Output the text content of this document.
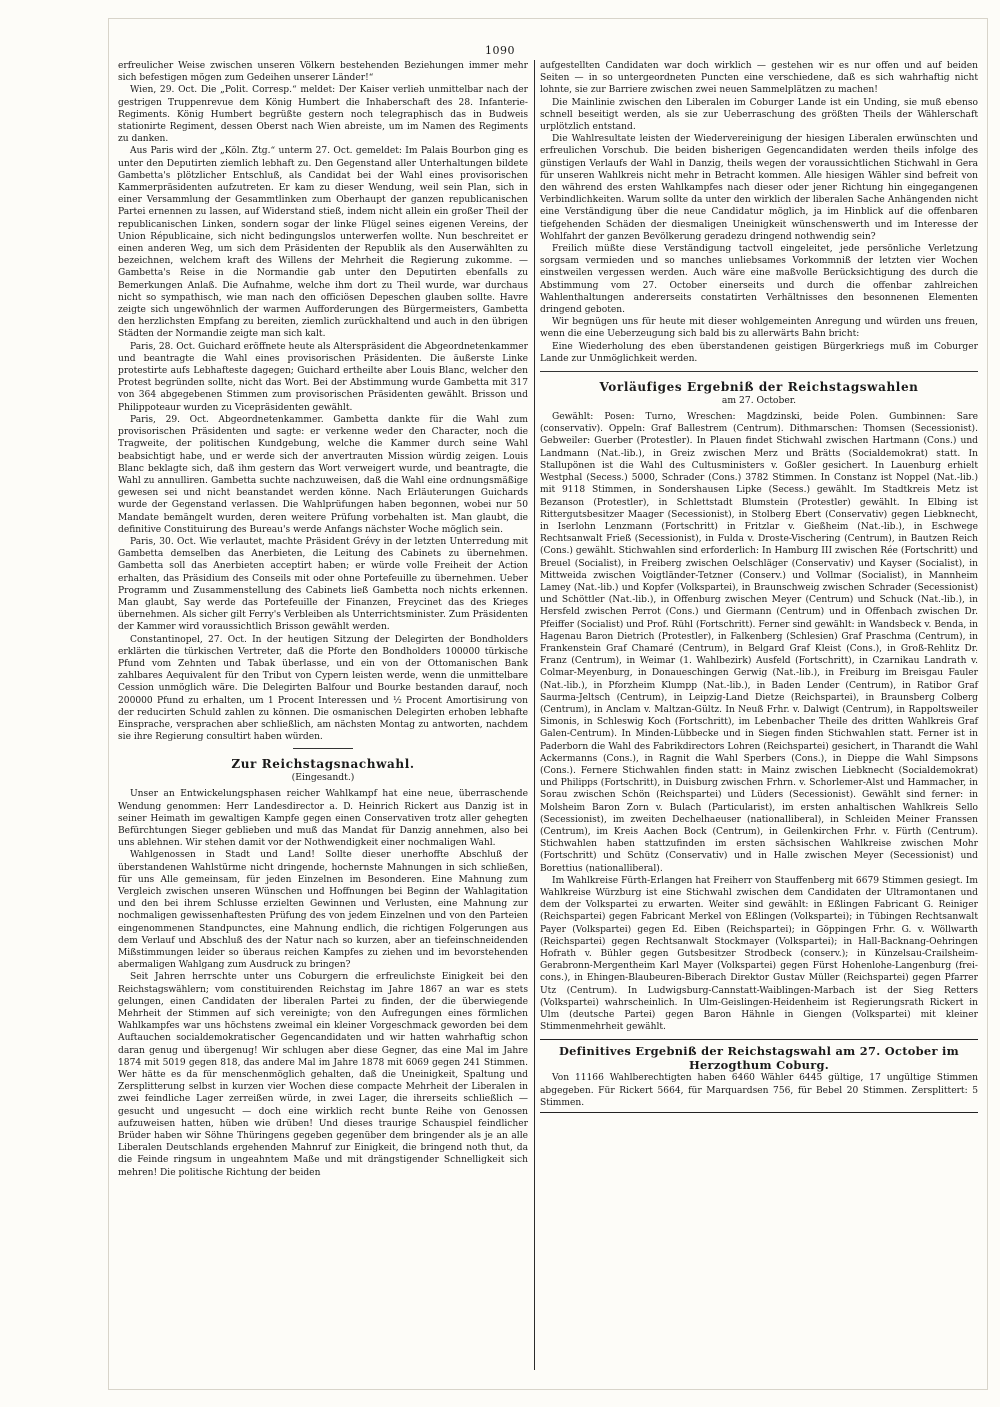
1090

erfreulicher Weise zwischen unseren Völkern bestehenden Beziehungen immer mehr sich befestigen mögen zum Gedeihen unserer Länder!“

Wien, 29. Oct. Die „Polit. Corresp.“ meldet: Der Kaiser verlieh unmittelbar nach der gestrigen Truppenrevue dem König Humbert die Inhaberschaft des 28. Infanterie-Regiments. König Humbert begrüßte gestern noch telegraphisch das in Budweis stationirte Regiment, dessen Oberst nach Wien abreiste, um im Namen des Regiments zu danken.

Aus Paris wird der „Köln. Ztg.“ unterm 27. Oct. gemeldet: Im Palais Bourbon ging es unter den Deputirten ziemlich lebhaft zu. Den Gegenstand aller Unterhaltungen bildete Gambetta's plötzlicher Entschluß, als Candidat bei der Wahl eines provisorischen Kammerpräsidenten aufzutreten. Er kam zu dieser Wendung, weil sein Plan, sich in einer Versammlung der Gesammtlinken zum Oberhaupt der ganzen republicanischen Partei ernennen zu lassen, auf Widerstand stieß, indem nicht allein ein großer Theil der republicanischen Linken, sondern sogar der linke Flügel seines eigenen Vereins, der Union Républicaine, sich nicht bedingungslos unterwerfen wollte. Nun beschreitet er einen anderen Weg, um sich dem Präsidenten der Republik als den Auserwählten zu bezeichnen, welchem kraft des Willens der Mehrheit die Regierung zukomme. — Gambetta's Reise in die Normandie gab unter den Deputirten ebenfalls zu Bemerkungen Anlaß. Die Aufnahme, welche ihm dort zu Theil wurde, war durchaus nicht so sympathisch, wie man nach den officiösen Depeschen glauben sollte. Havre zeigte sich ungewöhnlich der warmen Aufforderungen des Bürgermeisters, Gambetta den herzlichsten Empfang zu bereiten, ziemlich zurückhaltend und auch in den übrigen Städten der Normandie zeigte man sich kalt.

Paris, 28. Oct. Guichard eröffnete heute als Alterspräsident die Abgeordnetenkammer und beantragte die Wahl eines provisorischen Präsidenten. Die äußerste Linke protestirte aufs Lebhafteste dagegen; Guichard ertheilte aber Louis Blanc, welcher den Protest begründen sollte, nicht das Wort. Bei der Abstimmung wurde Gambetta mit 317 von 364 abgegebenen Stimmen zum provisorischen Präsidenten gewählt. Brisson und Philippoteaur wurden zu Vicepräsidenten gewählt.

Paris, 29. Oct. Abgeordnetenkammer. Gambetta dankte für die Wahl zum provisorischen Präsidenten und sagte: er verkenne weder den Character, noch die Tragweite, der politischen Kundgebung, welche die Kammer durch seine Wahl beabsichtigt habe, und er werde sich der anvertrauten Mission würdig zeigen. Louis Blanc beklagte sich, daß ihm gestern das Wort verweigert wurde, und beantragte, die Wahl zu annulliren. Gambetta suchte nachzuweisen, daß die Wahl eine ordnungsmäßige gewesen sei und nicht beanstandet werden könne. Nach Erläuterungen Guichards wurde der Gegenstand verlassen. Die Wahlprüfungen haben begonnen, wobei nur 50 Mandate bemängelt wurden, deren weitere Prüfung vorbehalten ist. Man glaubt, die definitive Constituirung des Bureau's werde Anfangs nächster Woche möglich sein.

Paris, 30. Oct. Wie verlautet, machte Präsident Grévy in der letzten Unterredung mit Gambetta demselben das Anerbieten, die Leitung des Cabinets zu übernehmen. Gambetta soll das Anerbieten acceptirt haben; er würde volle Freiheit der Action erhalten, das Präsidium des Conseils mit oder ohne Portefeuille zu übernehmen. Ueber Programm und Zusammenstellung des Cabinets ließ Gambetta noch nichts erkennen. Man glaubt, Say werde das Portefeuille der Finanzen, Freycinet das des Krieges übernehmen. Als sicher gilt Ferry's Verbleiben als Unterrichtsminister. Zum Präsidenten der Kammer wird voraussichtlich Brisson gewählt werden.

Constantinopel, 27. Oct. In der heutigen Sitzung der Delegirten der Bondholders erklärten die türkischen Vertreter, daß die Pforte den Bondholders 100000 türkische Pfund vom Zehnten und Tabak überlasse, und ein von der Ottomanischen Bank zahlbares Aequivalent für den Tribut von Cypern leisten werde, wenn die unmittelbare Cession unmöglich wäre. Die Delegirten Balfour und Bourke bestanden darauf, noch 200000 Pfund zu erhalten, um 1 Procent Interessen und ½ Procent Amortisirung von der reducirten Schuld zahlen zu können. Die osmanischen Delegirten erhoben lebhafte Einsprache, versprachen aber schließlich, am nächsten Montag zu antworten, nachdem sie ihre Regierung consultirt haben würden.

Zur Reichstagsnachwahl.
(Eingesandt.)

Unser an Entwickelungsphasen reicher Wahlkampf hat eine neue, überraschende Wendung genommen: Herr Landesdirector a. D. Heinrich Rickert aus Danzig ist in seiner Heimath im gewaltigen Kampfe gegen einen Conservativen trotz aller gehegten Befürchtungen Sieger geblieben und muß das Mandat für Danzig annehmen, also bei uns ablehnen. Wir stehen damit vor der Nothwendigkeit einer nochmaligen Wahl.

Wahlgenossen in Stadt und Land! Sollte dieser unerhoffte Abschluß der überstandenen Wahlstürme nicht dringende, hochernste Mahnungen in sich schließen, für uns Alle gemeinsam, für jeden Einzelnen im Besonderen. Eine Mahnung zum Vergleich zwischen unseren Wünschen und Hoffnungen bei Beginn der Wahlagitation und den bei ihrem Schlusse erzielten Gewinnen und Verlusten, eine Mahnung zur nochmaligen gewissenhaftesten Prüfung des von jedem Einzelnen und von den Parteien eingenommenen Standpunctes, eine Mahnung endlich, die richtigen Folgerungen aus dem Verlauf und Abschluß des der Natur nach so kurzen, aber an tiefeinschneidenden Mißstimmungen leider so überaus reichen Kampfes zu ziehen und im bevorstehenden abermaligen Wahlgang zum Ausdruck zu bringen?

Seit Jahren herrschte unter uns Coburgern die erfreulichste Einigkeit bei den Reichstagswählern; vom constituirenden Reichstag im Jahre 1867 an war es stets gelungen, einen Candidaten der liberalen Partei zu finden, der die überwiegende Mehrheit der Stimmen auf sich vereinigte; von den Aufregungen eines förmlichen Wahlkampfes war uns höchstens zweimal ein kleiner Vorgeschmack geworden bei dem Auftauchen socialdemokratischer Gegencandidaten und wir hatten wahrhaftig schon daran genug und übergenug! Wir schlugen aber diese Gegner, das eine Mal im Jahre 1874 mit 5019 gegen 818, das andere Mal im Jahre 1878 mit 6069 gegen 241 Stimmen. Wer hätte es da für menschenmöglich gehalten, daß die Uneinigkeit, Spaltung und Zersplitterung selbst in kurzen vier Wochen diese compacte Mehrheit der Liberalen in zwei feindliche Lager zerreißen würde, in zwei Lager, die ihrerseits schließlich — gesucht und ungesucht — doch eine wirklich recht bunte Reihe von Genossen aufzuweisen hatten, hüben wie drüben! Und dieses traurige Schauspiel feindlicher Brüder haben wir Söhne Thüringens gegeben gegenüber dem bringender als je an alle Liberalen Deutschlands ergehenden Mahnruf zur Einigkeit, die bringend noth thut, da die Feinde ringsum in ungeahntem Maße und mit drängstigender Schnelligkeit sich mehren! Die politische Richtung der beiden

aufgestellten Candidaten war doch wirklich — gestehen wir es nur offen und auf beiden Seiten — in so untergeordneten Puncten eine verschiedene, daß es sich wahrhaftig nicht lohnte, sie zur Barriere zwischen zwei neuen Sammelplätzen zu machen!

Die Mainlinie zwischen den Liberalen im Coburger Lande ist ein Unding, sie muß ebenso schnell beseitigt werden, als sie zur Ueberraschung des größten Theils der Wählerschaft urplötzlich entstand.

Die Wahlresultate leisten der Wiedervereinigung der hiesigen Liberalen erwünschten und erfreulichen Vorschub. Die beiden bisherigen Gegencandidaten werden theils infolge des günstigen Verlaufs der Wahl in Danzig, theils wegen der voraussichtlichen Stichwahl in Gera für unseren Wahlkreis nicht mehr in Betracht kommen. Alle hiesigen Wähler sind befreit von den während des ersten Wahlkampfes nach dieser oder jener Richtung hin eingegangenen Verbindlichkeiten. Warum sollte da unter den wirklich der liberalen Sache Anhängenden nicht eine Verständigung über die neue Candidatur möglich, ja im Hinblick auf die offenbaren tiefgehenden Schäden der diesmaligen Uneinigkeit wünschenswerth und im Interesse der Wohlfahrt der ganzen Bevölkerung geradezu dringend nothwendig sein?

Freilich müßte diese Verständigung tactvoll eingeleitet, jede persönliche Verletzung sorgsam vermieden und so manches unliebsames Vorkommniß der letzten vier Wochen einstweilen vergessen werden. Auch wäre eine maßvolle Berücksichtigung des durch die Abstimmung vom 27. October einerseits und durch die offenbar zahlreichen Wahlenthaltungen andererseits constatirten Verhältnisses den besonnenen Elementen dringend geboten.

Wir begnügen uns für heute mit dieser wohlgemeinten Anregung und würden uns freuen, wenn die eine Ueberzeugung sich bald bis zu allerwärts Bahn bricht:

Eine Wiederholung des eben überstandenen geistigen Bürgerkriegs muß im Coburger Lande zur Unmöglichkeit werden.

Vorläufiges Ergebniß der Reichstagswahlen
am 27. October.

Gewählt: Posen: Turno, Wreschen: Magdzinski, beide Polen. Gumbinnen: Sare (conservativ). Oppeln: Graf Ballestrem (Centrum). Dithmarschen: Thomsen (Secessionist). Gebweiler: Guerber (Protestler). In Plauen findet Stichwahl zwischen Hartmann (Cons.) und Landmann (Nat.-lib.), in Greiz zwischen Merz und Brätts (Socialdemokrat) statt. In Stallupönen ist die Wahl des Cultusministers v. Goßler gesichert. In Lauenburg erhielt Westphal (Secess.) 5000, Schrader (Cons.) 3782 Stimmen. In Constanz ist Noppel (Nat.-lib.) mit 9118 Stimmen, in Sondershausen Lipke (Secess.) gewählt. Im Stadtkreis Metz ist Bezanson (Protestler), in Schlettstadt Blumstein (Protestler) gewählt. In Elbing ist Rittergutsbesitzer Maager (Secessionist), in Stolberg Ebert (Conservativ) gegen Liebknecht, in Iserlohn Lenzmann (Fortschritt) in Fritzlar v. Gießheim (Nat.-lib.), in Eschwege Rechtsanwalt Frieß (Secessionist), in Fulda v. Droste-Vischering (Centrum), in Bautzen Reich (Cons.) gewählt. Stichwahlen sind erforderlich: In Hamburg III zwischen Rée (Fortschritt) und Breuel (Socialist), in Freiberg zwischen Oelschläger (Conservativ) und Kayser (Socialist), in Mittweida zwischen Voigtländer-Tetzner (Conserv.) und Vollmar (Socialist), in Mannheim Lamey (Nat.-lib.) und Kopfer (Volkspartei), in Braunschweig zwischen Schrader (Secessionist) und Schöttler (Nat.-lib.), in Offenburg zwischen Meyer (Centrum) und Schuck (Nat.-lib.), in Hersfeld zwischen Perrot (Cons.) und Giermann (Centrum) und in Offenbach zwischen Dr. Pfeiffer (Socialist) und Prof. Rühl (Fortschritt). Ferner sind gewählt: in Wandsbeck v. Benda, in Hagenau Baron Dietrich (Protestler), in Falkenberg (Schlesien) Graf Praschma (Centrum), in Frankenstein Graf Chamaré (Centrum), in Belgard Graf Kleist (Cons.), in Groß-Rehlitz Dr. Franz (Centrum), in Weimar (1. Wahlbezirk) Ausfeld (Fortschritt), in Czarnikau Landrath v. Colmar-Meyenburg, in Donaueschingen Gerwig (Nat.-lib.), in Freiburg im Breisgau Fauler (Nat.-lib.), in Pforzheim Klumpp (Nat.-lib.), in Baden Lender (Centrum), in Ratibor Graf Saurma-Jeltsch (Centrum), in Leipzig-Land Dietze (Reichspartei), in Braunsberg Colberg (Centrum), in Anclam v. Maltzan-Gültz. In Neuß Frhr. v. Dalwigt (Centrum), in Rappoltsweiler Simonis, in Schleswig Koch (Fortschritt), im Lebenbacher Theile des dritten Wahlkreis Graf Galen-Centrum). In Minden-Lübbecke und in Siegen finden Stichwahlen statt. Ferner ist in Paderborn die Wahl des Fabrikdirectors Lohren (Reichspartei) gesichert, in Tharandt die Wahl Ackermanns (Cons.), in Ragnit die Wahl Sperbers (Cons.), in Dieppe die Wahl Simpsons (Cons.). Fernere Stichwahlen finden statt: in Mainz zwischen Liebknecht (Socialdemokrat) und Philipps (Fortschritt), in Duisburg zwischen Frhrn. v. Schorlemer-Alst und Hammacher, in Sorau zwischen Schön (Reichspartei) und Lüders (Secessionist). Gewählt sind ferner: in Molsheim Baron Zorn v. Bulach (Particularist), im ersten anhaltischen Wahlkreis Sello (Secessionist), im zweiten Dechelhaeuser (nationalliberal), in Schleiden Meiner Franssen (Centrum), im Kreis Aachen Bock (Centrum), in Geilenkirchen Frhr. v. Fürth (Centrum). Stichwahlen haben stattzufinden im ersten sächsischen Wahlkreise zwischen Mohr (Fortschritt) und Schütz (Conservativ) und in Halle zwischen Meyer (Secessionist) und Borettius (nationalliberal).

Im Wahlkreise Fürth-Erlangen hat Freiherr von Stauffenberg mit 6679 Stimmen gesiegt. Im Wahlkreise Würzburg ist eine Stichwahl zwischen dem Candidaten der Ultramontanen und dem der Volkspartei zu erwarten. Weiter sind gewählt: in Eßlingen Fabricant G. Reiniger (Reichspartei) gegen Fabricant Merkel von Eßlingen (Volkspartei); in Tübingen Rechtsanwalt Payer (Volkspartei) gegen Ed. Eiben (Reichspartei); in Göppingen Frhr. G. v. Wöllwarth (Reichspartei) gegen Rechtsanwalt Stockmayer (Volkspartei); in Hall-Backnang-Oehringen Hofrath v. Bühler gegen Gutsbesitzer Strodbeck (conserv.); in Künzelsau-Crailsheim-Gerabronn-Mergentheim Karl Mayer (Volkspartei) gegen Fürst Hohenlohe-Langenburg (frei-cons.), in Ehingen-Blaubeuren-Biberach Direktor Gustav Müller (Reichspartei) gegen Pfarrer Utz (Centrum). In Ludwigsburg-Cannstatt-Waiblingen-Marbach ist der Sieg Retters (Volkspartei) wahrscheinlich. In Ulm-Geislingen-Heidenheim ist Regierungsrath Rickert in Ulm (deutsche Partei) gegen Baron Hähnle in Giengen (Volkspartei) mit kleiner Stimmenmehrheit gewählt.

Definitives Ergebniß der Reichstagswahl am 27. October im Herzogthum Coburg.

Von 11166 Wahlberechtigten haben 6460 Wähler 6445 gültige, 17 ungültige Stimmen abgegeben. Für Rickert 5664, für Marquardsen 756, für Bebel 20 Stimmen. Zersplittert: 5 Stimmen.
